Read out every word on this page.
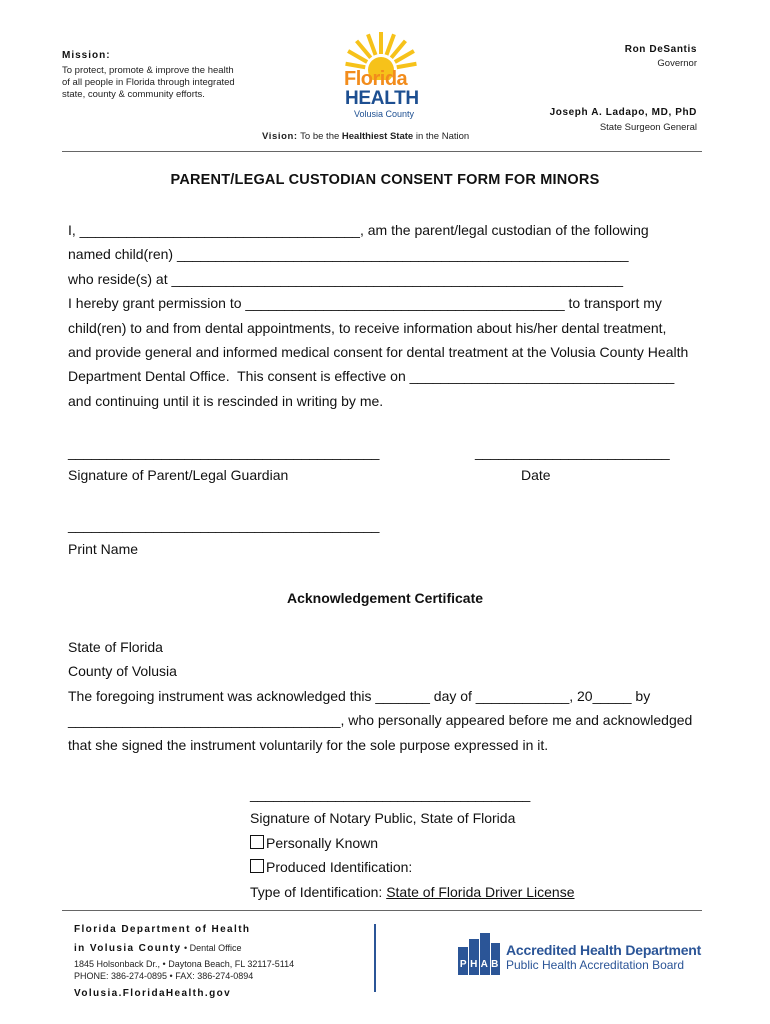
Mission:
To protect, promote & improve the health
of all people in Florida through integrated
state, county & community efforts.
Florida
HEALTH
Volusia County
Ron DeSantis
Governor
Joseph A. Ladapo, MD, PhD
State Surgeon General
Vision: To be the Healthiest State in the Nation
PARENT/LEGAL CUSTODIAN CONSENT FORM FOR MINORS
I, ____________________________________, am the parent/legal custodian of the following
named child(ren) __________________________________________________________
who reside(s) at __________________________________________________________
I hereby grant permission to _________________________________________ to transport my
child(ren) to and from dental appointments, to receive information about his/her dental treatment,
and provide general and informed medical consent for dental treatment at the Volusia County Health
Department Dental Office.  This consent is effective on __________________________________
and continuing until it is rescinded in writing by me.
________________________________________	_________________________
Signature of Parent/Legal Guardian	Date
________________________________________
Print Name
Acknowledgement Certificate
State of Florida
County of Volusia
The foregoing instrument was acknowledged this _______ day of ____________, 20_____ by
___________________________________, who personally appeared before me and acknowledged
that she signed the instrument voluntarily for the sole purpose expressed in it.
____________________________________
Signature of Notary Public, State of Florida
Personally Known
Produced Identification:
Type of Identification: State of Florida Driver License
Florida Department of Health
in Volusia County • Dental Office
1845 Holsonback Dr., • Daytona Beach, FL 32117-5114
PHONE: 386-274-0895 • FAX: 386-274-0894
Volusia.FloridaHealth.gov
P H A B
Accredited Health Department
Public Health Accreditation Board
